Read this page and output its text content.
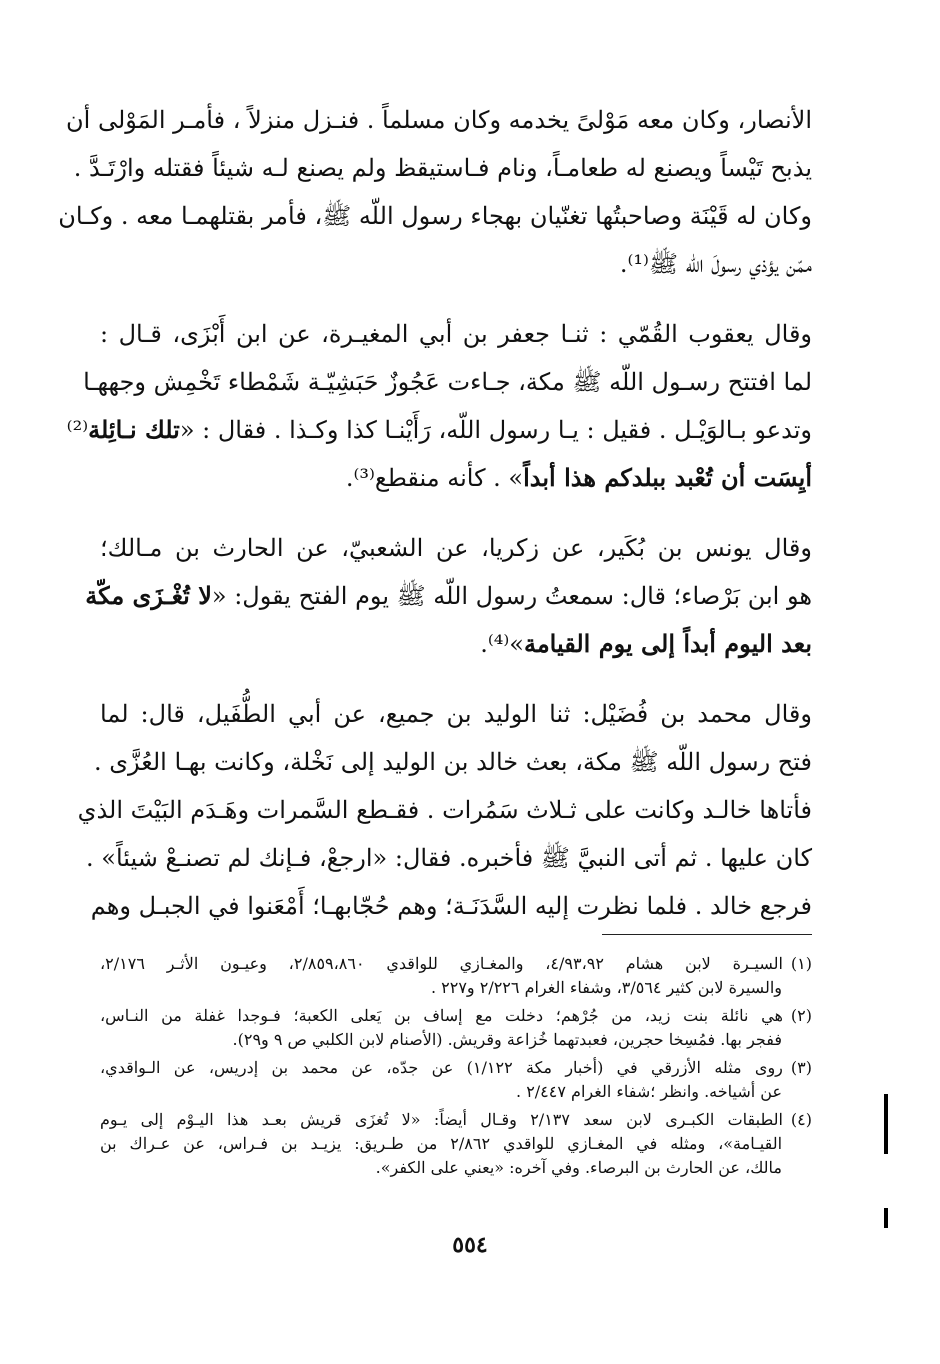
الأنصار، وكان معه مَوْلىً يخدمه وكان مسلماً . فنـزل منزلاً ، فأمـر المَوْلى أن
يذبح تَيْساً ويصنع له طعامـاً، ونام فـاستيقظ ولم يصنع لـه شيئاً فقتله وارْتَـدَّ .
وكان له قَيْنَة وصاحبتُها تغنّيان بهجاء رسول اللّه ﷺ، فأمر بقتلهمـا معه . وكـان
ممّن يؤذي رسولَ اللّه ﷺ⁽¹⁾.
وقال يعقوب القُمّي : ثنـا جعفر بن أبي المغيـرة، عن ابن أَبْزَى، قـال :
لما افتتح رسـول اللّه ﷺ مكة، جـاءت عَجُوزٌ حَبَشِيّـة شَمْطاء تَخْمِش وجههـا
وتدعو بـالوَيْـل . فقيل : يـا رسول اللّه، رَأَيْنـا كذا وكـذا . فقال : «تلك نـائِلة⁽²⁾
أيِسَت أن تُعْبد ببلدكم هذا أبداً» . كأنه منقطع⁽³⁾.
وقال يونس بن بُكَير، عن زكريا، عن الشعبيّ، عن الحارث بن مـالك؛
هو ابن بَرْصاء؛ قال: سمعتُ رسول اللّه ﷺ يوم الفتح يقول: «لا تُغْـزَى مكّة
بعد اليوم أبداً إلى يوم القيامة»⁽⁴⁾.
وقال محمد بن فُضَيْل: ثنا الوليد بن جميع، عن أبي الطُّفَيل، قال: لما
فتح رسول اللّه ﷺ مكة، بعث خالد بن الوليد إلى نَخْلة، وكانت بهـا العُزَّى .
فأتاها خالـد وكانت على ثـلاث سَمُرات . فقـطع السَّمرات وهَـدَم البَيْتَ الذي
كان عليها . ثم أتى النبيَّ ﷺ فأخبره. فقال: «ارجعْ، فـإنك لم تصنـعْ شيئاً» .
فرجع خالد . فلما نظرت إليه السَّدَنَـة؛ وهم حُجّابهـا؛ أَمْعَنوا في الجبـل وهم
(١)السيـرة لابن هشام ٤/٩٣،٩٢، والمغـازي للواقدي ٢/٨٥٩،٨٦٠، وعيـون الأثـر ٢/١٧٦،
والسيرة لابن كثير ٣/٥٦٤، وشفاء الغرام ٢/٢٢٦ و٢٢٧ .
(٢)هي نائلة بنت زيد، من جُرْهم؛ دخلت مع إساف بن يَعلى الكعبة؛ فـوجدا غفلة من النـاس،
ففجر بها. فمُسِخا حجرين، فعبدتهما خُزاعة وقريش. (الأصنام لابن الكلبي ص ٩ و٢٩).
(٣)روى مثله الأزرقي في (أخبار مكة ١/١٢٢) عن جدّه، عن محمد بن إدريس، عن الـواقدي،
عن أشياخه. وانظر ؛شفاء الغرام ٢/٤٤٧ .
(٤)الطبقات الكبـرى لابن سعد ٢/١٣٧ وقـال أيضاً: «لا تُغزَى قريش بعـد هذا اليـوْم إلى يـوم
القيـامة»، ومثله في المغـازي للواقدي ٢/٨٦٢ من طـريق: يزيـد بن فـراس، عن عـراك بن
مالك، عن الحارث بن البرصاء. وفي آخره: «يعني على الكفر».
٥٥٤
